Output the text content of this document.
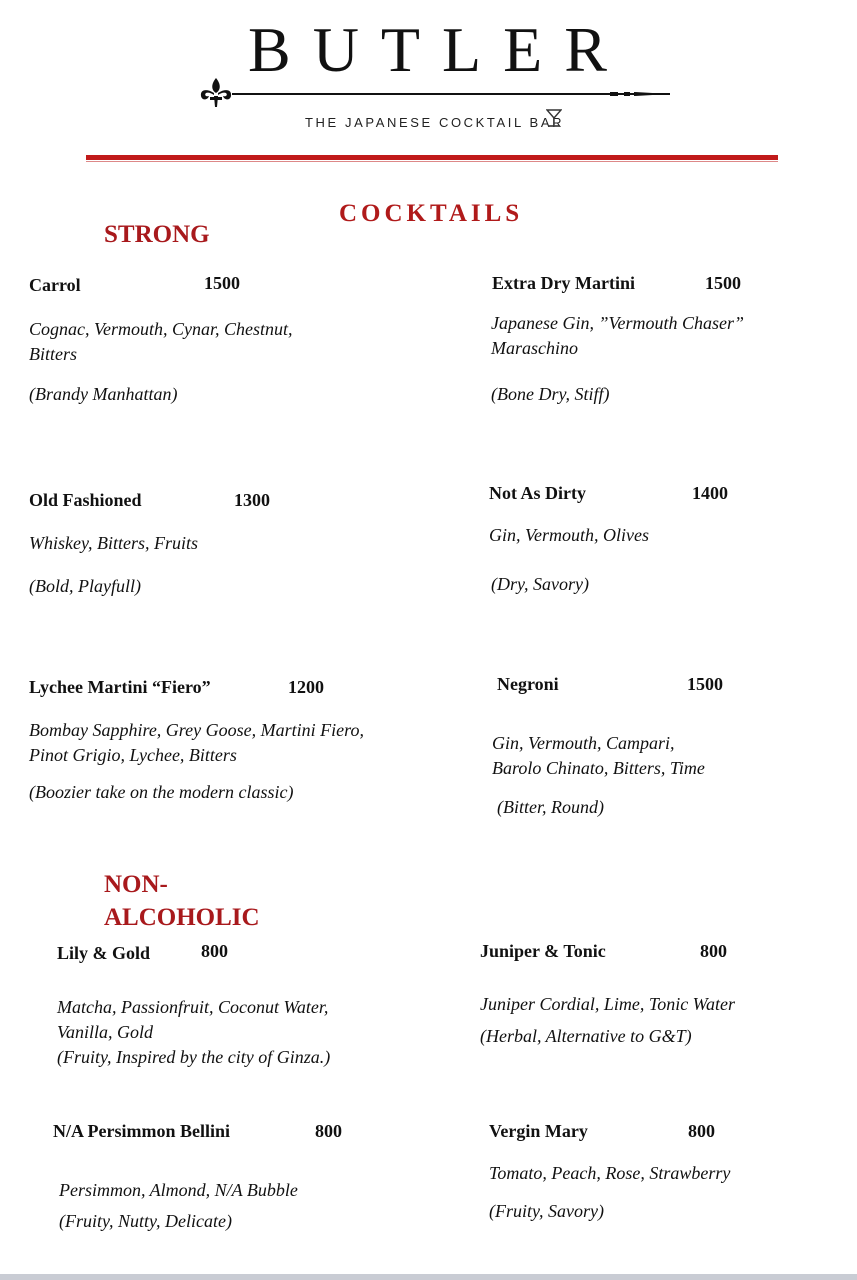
BUTLER
THE JAPANESE COCKTAIL BAR
COCKTAILS
STRONG
Carrol	1500
Cognac, Vermouth, Cynar, Chestnut,
Bitters
(Brandy Manhattan)
Extra Dry Martini	1500
Japanese Gin, ”Vermouth Chaser”
Maraschino
(Bone Dry, Stiff)
Old Fashioned	1300
Whiskey, Bitters, Fruits
(Bold, Playfull)
Not As Dirty	1400
Gin, Vermouth, Olives
(Dry, Savory)
Lychee Martini “Fiero”	1200
Bombay Sapphire, Grey Goose, Martini Fiero,
Pinot Grigio, Lychee, Bitters
(Boozier take on the modern classic)
Negroni	1500
Gin, Vermouth, Campari,
Barolo Chinato, Bitters, Time
(Bitter, Round)
NON-
ALCOHOLIC
Lily & Gold	800
Matcha, Passionfruit, Coconut Water,
Vanilla, Gold
(Fruity, Inspired by the city of Ginza.)
Juniper & Tonic	800
Juniper Cordial, Lime, Tonic Water
(Herbal, Alternative to G&T)
N/A Persimmon Bellini	800
Persimmon, Almond, N/A Bubble
(Fruity, Nutty, Delicate)
Vergin Mary	800
Tomato, Peach, Rose, Strawberry
(Fruity, Savory)
